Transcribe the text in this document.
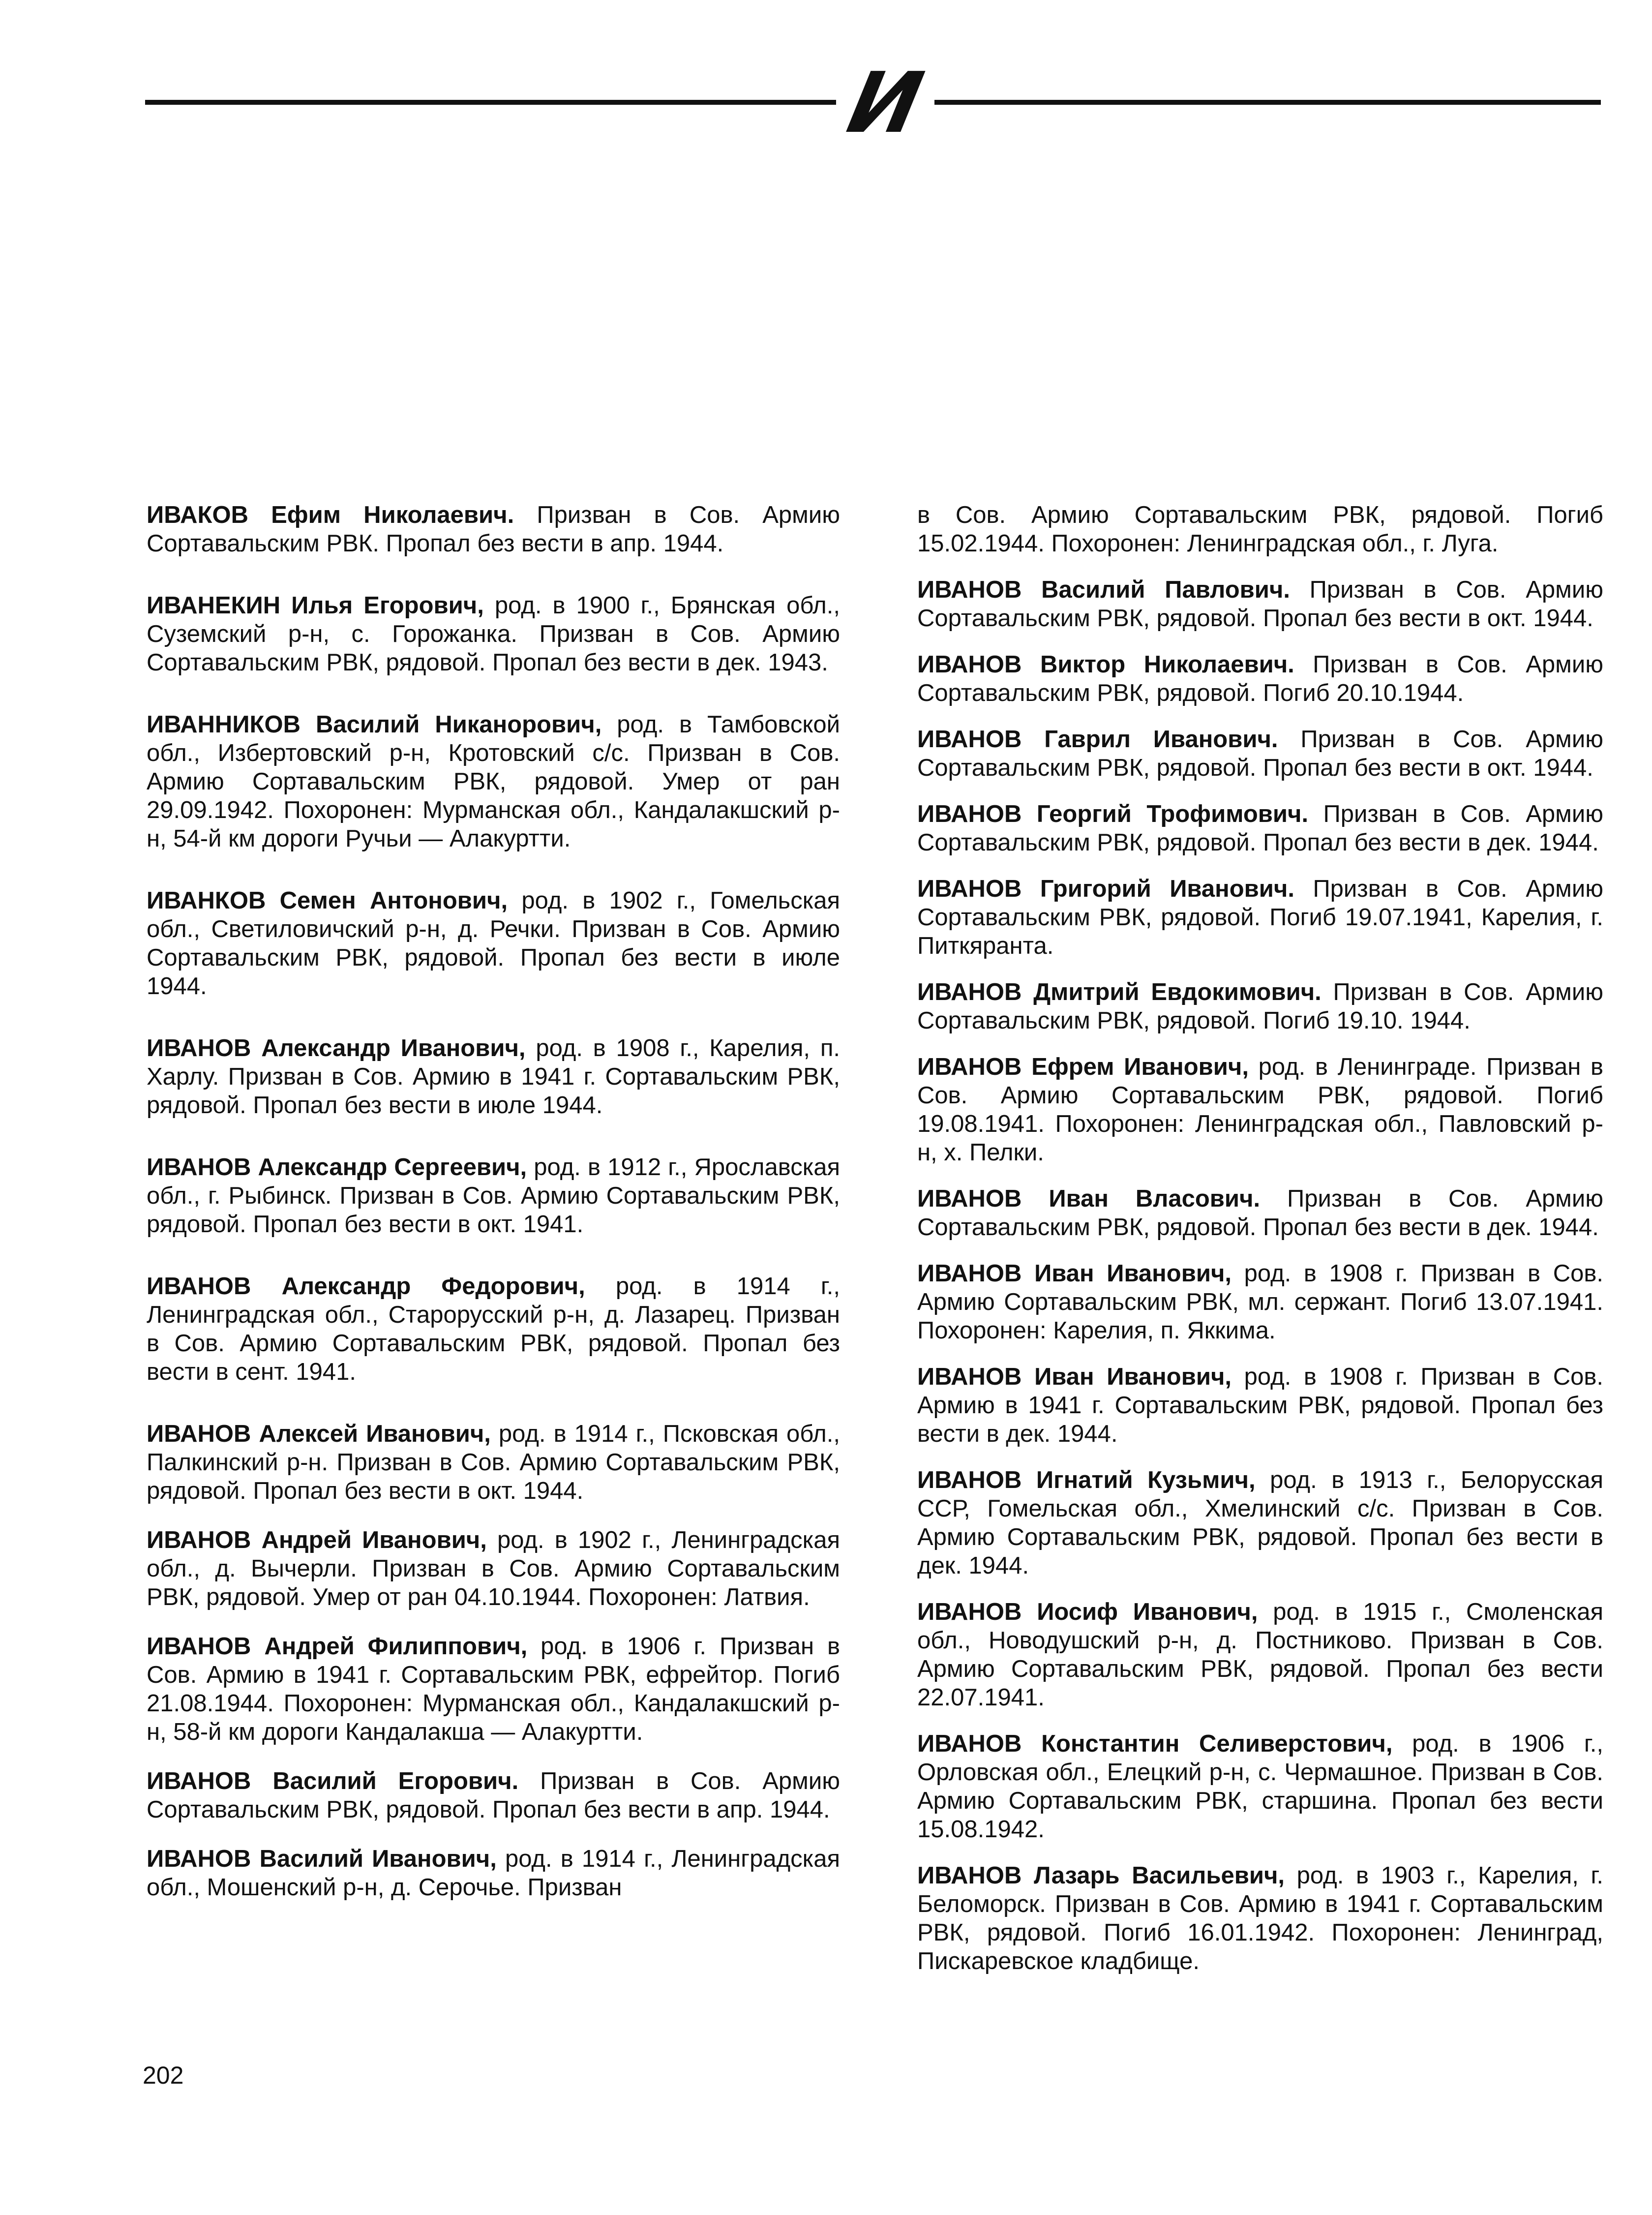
И

ИВАКОВ Ефим Николаевич. Призван в Сов. Армию Сортавальским РВК. Пропал без вести в апр. 1944.

ИВАНЕКИН Илья Егорович, род. в 1900 г., Брянская обл., Суземский р-н, с. Горожанка. Призван в Сов. Армию Сортавальским РВК, рядовой. Пропал без вести в дек. 1943.

ИВАННИКОВ Василий Никанорович, род. в Тамбовской обл., Избертовский р-н, Кротовский с/с. Призван в Сов. Армию Сортавальским РВК, рядовой. Умер от ран 29.09.1942. Похоронен: Мурманская обл., Кандалакшский р-н, 54-й км дороги Ручьи — Алакуртти.

ИВАНКОВ Семен Антонович, род. в 1902 г., Гомельская обл., Светиловичский р-н, д. Речки. Призван в Сов. Армию Сортавальским РВК, рядовой. Пропал без вести в июле 1944.

ИВАНОВ Александр Иванович, род. в 1908 г., Карелия, п. Харлу. Призван в Сов. Армию в 1941 г. Сортавальским РВК, рядовой. Пропал без вести в июле 1944.

ИВАНОВ Александр Сергеевич, род. в 1912 г., Ярославская обл., г. Рыбинск. Призван в Сов. Армию Сортавальским РВК, рядовой. Пропал без вести в окт. 1941.

ИВАНОВ Александр Федорович, род. в 1914 г., Ленинградская обл., Старорусский р-н, д. Лазарец. Призван в Сов. Армию Сортавальским РВК, рядовой. Пропал без вести в сент. 1941.

ИВАНОВ Алексей Иванович, род. в 1914 г., Псковская обл., Палкинский р-н. Призван в Сов. Армию Сортавальским РВК, рядовой. Пропал без вести в окт. 1944.

ИВАНОВ Андрей Иванович, род. в 1902 г., Ленинградская обл., д. Вычерли. Призван в Сов. Армию Сортавальским РВК, рядовой. Умер от ран 04.10.1944. Похоронен: Латвия.

ИВАНОВ Андрей Филиппович, род. в 1906 г. Призван в Сов. Армию в 1941 г. Сортавальским РВК, ефрейтор. Погиб 21.08.1944. Похоронен: Мурманская обл., Кандалакшский р-н, 58-й км дороги Кандалакша — Алакуртти.

ИВАНОВ Василий Егорович. Призван в Сов. Армию Сортавальским РВК, рядовой. Пропал без вести в апр. 1944.

ИВАНОВ Василий Иванович, род. в 1914 г., Ленинградская обл., Мошенский р-н, д. Серочье. Призван

в Сов. Армию Сортавальским РВК, рядовой. Погиб 15.02.1944. Похоронен: Ленинградская обл., г. Луга.

ИВАНОВ Василий Павлович. Призван в Сов. Армию Сортавальским РВК, рядовой. Пропал без вести в окт. 1944.

ИВАНОВ Виктор Николаевич. Призван в Сов. Армию Сортавальским РВК, рядовой. Погиб 20.10.1944.

ИВАНОВ Гаврил Иванович. Призван в Сов. Армию Сортавальским РВК, рядовой. Пропал без вести в окт. 1944.

ИВАНОВ Георгий Трофимович. Призван в Сов. Армию Сортавальским РВК, рядовой. Пропал без вести в дек. 1944.

ИВАНОВ Григорий Иванович. Призван в Сов. Армию Сортавальским РВК, рядовой. Погиб 19.07.1941, Карелия, г. Питкяранта.

ИВАНОВ Дмитрий Евдокимович. Призван в Сов. Армию Сортавальским РВК, рядовой. Погиб 19.10. 1944.

ИВАНОВ Ефрем Иванович, род. в Ленинграде. Призван в Сов. Армию Сортавальским РВК, рядовой. Погиб 19.08.1941. Похоронен: Ленинградская обл., Павловский р-н, х. Пелки.

ИВАНОВ Иван Власович. Призван в Сов. Армию Сортавальским РВК, рядовой. Пропал без вести в дек. 1944.

ИВАНОВ Иван Иванович, род. в 1908 г. Призван в Сов. Армию Сортавальским РВК, мл. сержант. Погиб 13.07.1941. Похоронен: Карелия, п. Яккима.

ИВАНОВ Иван Иванович, род. в 1908 г. Призван в Сов. Армию в 1941 г. Сортавальским РВК, рядовой. Пропал без вести в дек. 1944.

ИВАНОВ Игнатий Кузьмич, род. в 1913 г., Белорусская ССР, Гомельская обл., Хмелинский с/с. Призван в Сов. Армию Сортавальским РВК, рядовой. Пропал без вести в дек. 1944.

ИВАНОВ Иосиф Иванович, род. в 1915 г., Смоленская обл., Новодушский р-н, д. Постниково. Призван в Сов. Армию Сортавальским РВК, рядовой. Пропал без вести 22.07.1941.

ИВАНОВ Константин Селиверстович, род. в 1906 г., Орловская обл., Елецкий р-н, с. Чермашное. Призван в Сов. Армию Сортавальским РВК, старшина. Пропал без вести 15.08.1942.

ИВАНОВ Лазарь Васильевич, род. в 1903 г., Карелия, г. Беломорск. Призван в Сов. Армию в 1941 г. Сортавальским РВК, рядовой. Погиб 16.01.1942. Похоронен: Ленинград, Пискаревское кладбище.

202
